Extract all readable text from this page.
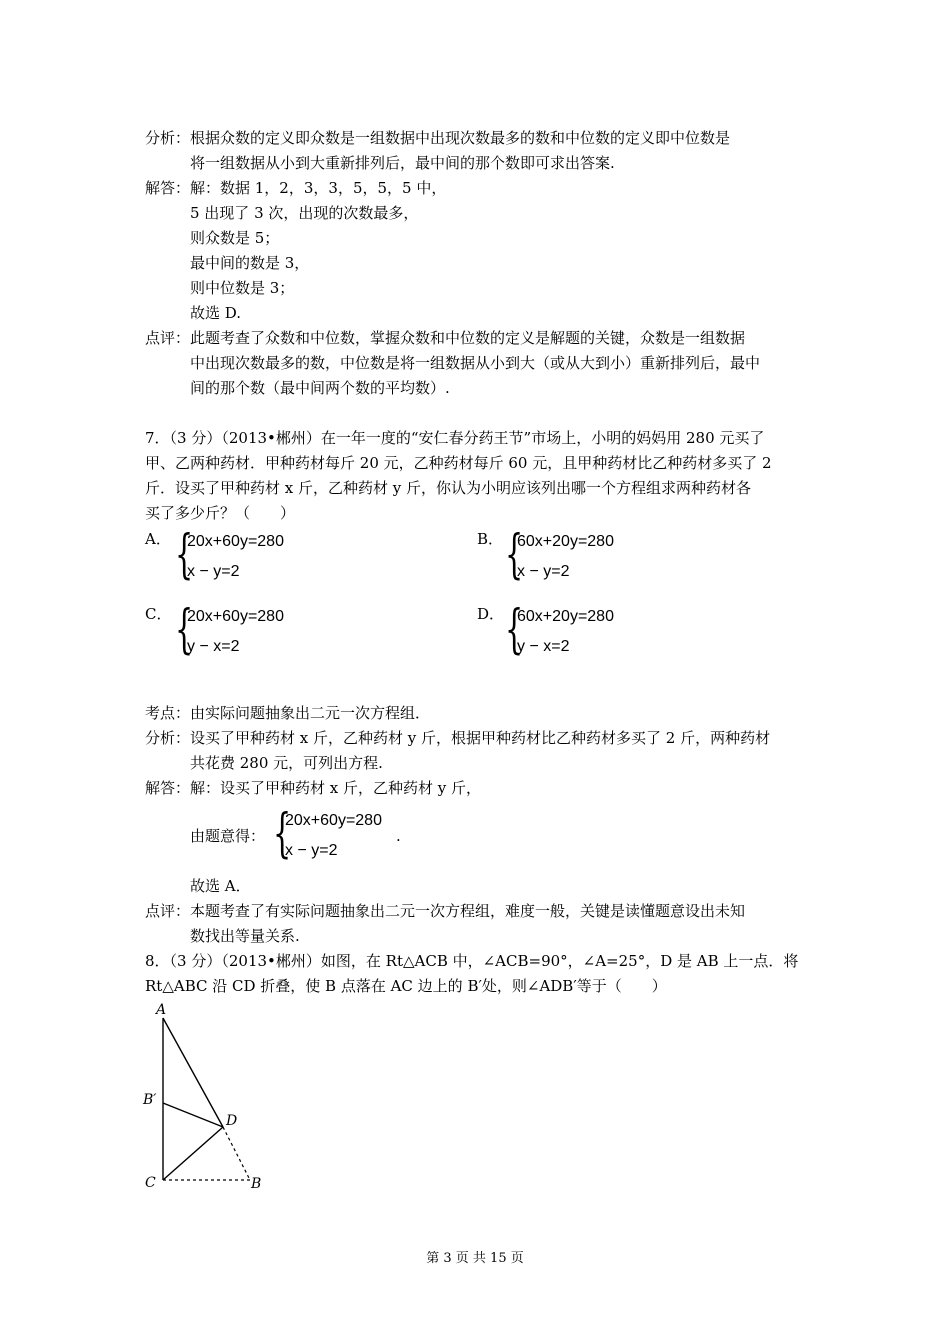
分析： 根据众数的定义即众数是一组数据中出现次数最多的数和中位数的定义即中位数是
将一组数据从小到大重新排列后，最中间的那个数即可求出答案.
解答： 解：数据 1，2，3，3，5，5，5 中，
5 出现了 3 次，出现的次数最多，
则众数是 5；
最中间的数是 3，
则中位数是 3；
故选 D.
点评： 此题考查了众数和中位数，掌握众数和中位数的定义是解题的关键，众数是一组数据
中出现次数最多的数，中位数是将一组数据从小到大（或从大到小）重新排列后，最中
间的那个数（最中间两个数的平均数）.
7．（3 分）（2013•郴州）在一年一度的“安仁春分药王节”市场上，小明的妈妈用 280 元买了
甲、乙两种药材．甲种药材每斤 20 元，乙种药材每斤 60 元，且甲种药材比乙种药材多买了 2
斤．设买了甲种药材 x 斤，乙种药材 y 斤，你认为小明应该列出哪一个方程组求两种药材各
买了多少斤？（　　）
A． {
20x+60y=280
x − y=2
B． {
60x+20y=280
x − y=2
C． {
20x+60y=280
y − x=2
D． {
60x+20y=280
y − x=2
考点： 由实际问题抽象出二元一次方程组．
分析： 设买了甲种药材 x 斤，乙种药材 y 斤，根据甲种药材比乙种药材多买了 2 斤，两种药材
共花费 280 元，可列出方程.
解答： 解：设买了甲种药材 x 斤，乙种药材 y 斤，
由题意得： {
20x+60y=280
x − y=2
.
故选 A．
点评： 本题考查了有实际问题抽象出二元一次方程组，难度一般，关键是读懂题意设出未知
数找出等量关系.
8．（3 分）（2013•郴州）如图，在 Rt△ACB 中，∠ACB=90°，∠A=25°，D 是 AB 上一点．将
Rt△ABC 沿 CD 折叠，使 B 点落在 AC 边上的 B′处，则∠ADB′等于（　　）
A
B′
D
C	B
第 3 页 共 15 页
